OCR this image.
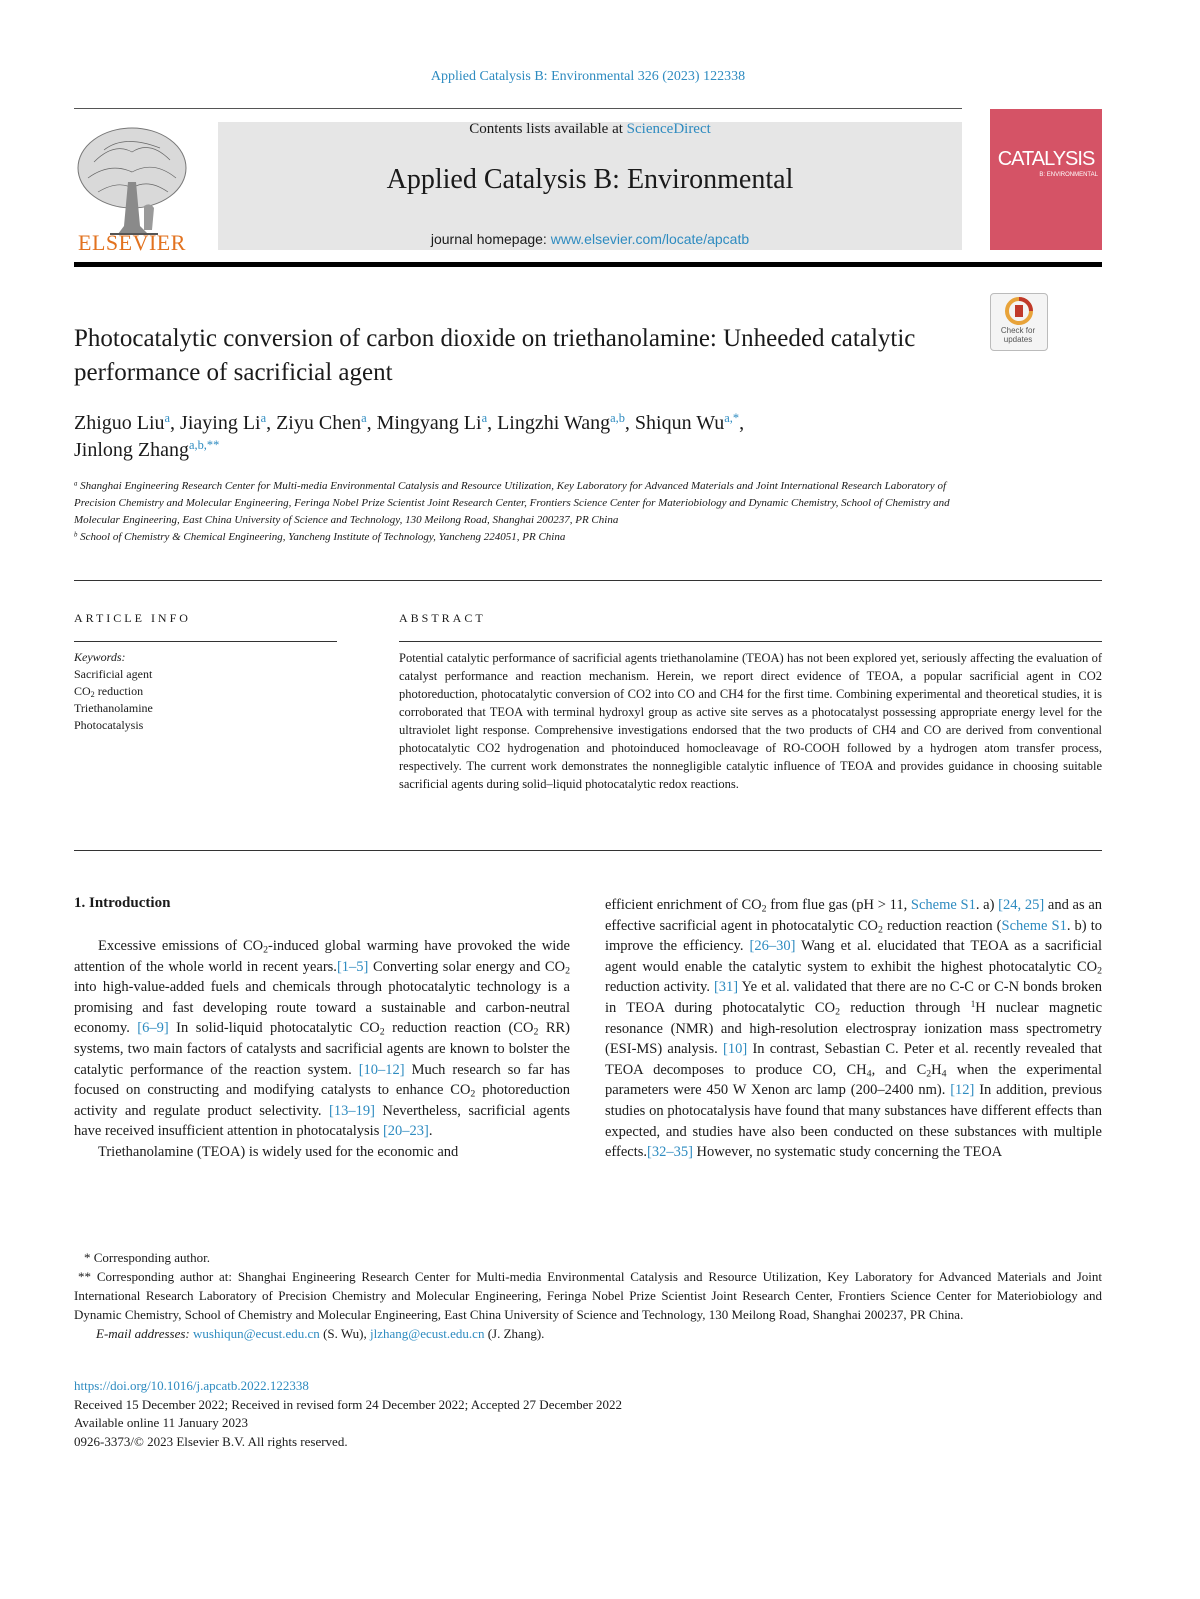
Applied Catalysis B: Environmental 326 (2023) 122338
ELSEVIER
Contents lists available at ScienceDirect
Applied Catalysis B: Environmental
journal homepage: www.elsevier.com/locate/apcatb
CATALYSIS
B: ENVIRONMENTAL
Check for updates
Photocatalytic conversion of carbon dioxide on triethanolamine: Unheeded catalytic performance of sacrificial agent
Zhiguo Liu$^a$, Jiaying Li$^a$, Ziyu Chen$^a$, Mingyang Li$^a$, Lingzhi Wang$^{a,b}$, Shiqun $Wu^{a,*}$,
Jinlong Zhang$^{a,b,**}$
$^a$ Shanghai Engineering Research Center for Multi-media Environmental Catalysis and Resource Utilization, Key Laboratory for Advanced Materials and Joint International Research Laboratory of Precision Chemistry and Molecular Engineering, Feringa Nobel Prize Scientist Joint Research Center, Frontiers Science Center for Materiobiology and Dynamic Chemistry, School of Chemistry and Molecular Engineering, East China University of Science and Technology, 130 Meilong Road, Shanghai 200237, PR China
$^b$ School of Chemistry & Chemical Engineering, Yancheng Institute of Technology, Yancheng 224051, PR China
ARTICLE INFO	ABSTRACT
Keywords:
Sacrificial agent
$CO_2$ reduction
Triethanolamine
Photocatalysis
Potential catalytic performance of sacrificial agents triethanolamine (TEOA) has not been explored yet, seriously affecting the evaluation of catalyst performance and reaction mechanism. Herein, we report direct evidence of TEOA, a popular sacrificial agent in CO2 photoreduction, photocatalytic conversion of CO2 into CO and CH4 for the first time. Combining experimental and theoretical studies, it is corroborated that TEOA with terminal hydroxyl group as active site serves as a photocatalyst possessing appropriate energy level for the ultraviolet light response. Comprehensive investigations endorsed that the two products of CH4 and CO are derived from conventional photocatalytic CO2 hydrogenation and photoinduced homocleavage of RO-COOH followed by a hydrogen atom transfer process, respectively. The current work demonstrates the nonnegligible catalytic influence of TEOA and provides guidance in choosing suitable sacrificial agents during solid–liquid photocatalytic redox reactions.
1. Introduction

Excessive emissions of $CO_2$-induced global warming have provoked the wide attention of the whole world in recent years.[1–5] Converting solar energy and $CO_2$ into high-value-added fuels and chemicals through photocatalytic technology is a promising and fast developing route toward a sustainable and carbon-neutral economy. [6–9] In solid-liquid photocatalytic $CO_2$ reduction reaction ($CO_2$ RR) systems, two main factors of catalysts and sacrificial agents are known to bolster the catalytic performance of the reaction system. [10–12] Much research so far has focused on constructing and modifying catalysts to enhance $CO_2$ photoreduction activity and regulate product selectivity. [13–19] Nevertheless, sacrificial agents have received insufficient attention in photocatalysis [20–23].

Triethanolamine (TEOA) is widely used for the economic and

efficient enrichment of $CO_2$ from flue gas (pH > 11, Scheme S1. a) [24, 25] and as an effective sacrificial agent in photocatalytic $CO_2$ reduction reaction (Scheme S1. b) to improve the efficiency. [26–30] Wang et al. elucidated that TEOA as a sacrificial agent would enable the catalytic system to exhibit the highest photocatalytic $CO_2$ reduction activity. [31] Ye et al. validated that there are no C-C or C-N bonds broken in TEOA during photocatalytic $CO_2$ reduction through $^1$H nuclear magnetic resonance (NMR) and high-resolution electrospray ionization mass spectrometry (ESI-MS) analysis. [10] In contrast, Sebastian C. Peter et al. recently revealed that TEOA decomposes to produce CO, $CH_4$, and $C_2H_4$ when the experimental parameters were 450 W Xenon arc lamp (200–2400 nm). [12] In addition, previous studies on photocatalysis have found that many substances have different effects than expected, and studies have also been conducted on these substances with multiple effects.[32–35] However, no systematic study concerning the TEOA

* Corresponding author.

** Corresponding author at: Shanghai Engineering Research Center for Multi-media Environmental Catalysis and Resource Utilization, Key Laboratory for Advanced Materials and Joint International Research Laboratory of Precision Chemistry and Molecular Engineering, Feringa Nobel Prize Scientist Joint Research Center, Frontiers Science Center for Materiobiology and Dynamic Chemistry, School of Chemistry and Molecular Engineering, East China University of Science and Technology, 130 Meilong Road, Shanghai 200237, PR China.

E-mail addresses: wushiqun@ecust.edu.cn (S. Wu), jlzhang@ecust.edu.cn (J. Zhang).

https://doi.org/10.1016/j.apcatb.2022.122338
Received 15 December 2022; Received in revised form 24 December 2022; Accepted 27 December 2022
Available online 11 January 2023
0926-3373/© 2023 Elsevier B.V. All rights reserved.
